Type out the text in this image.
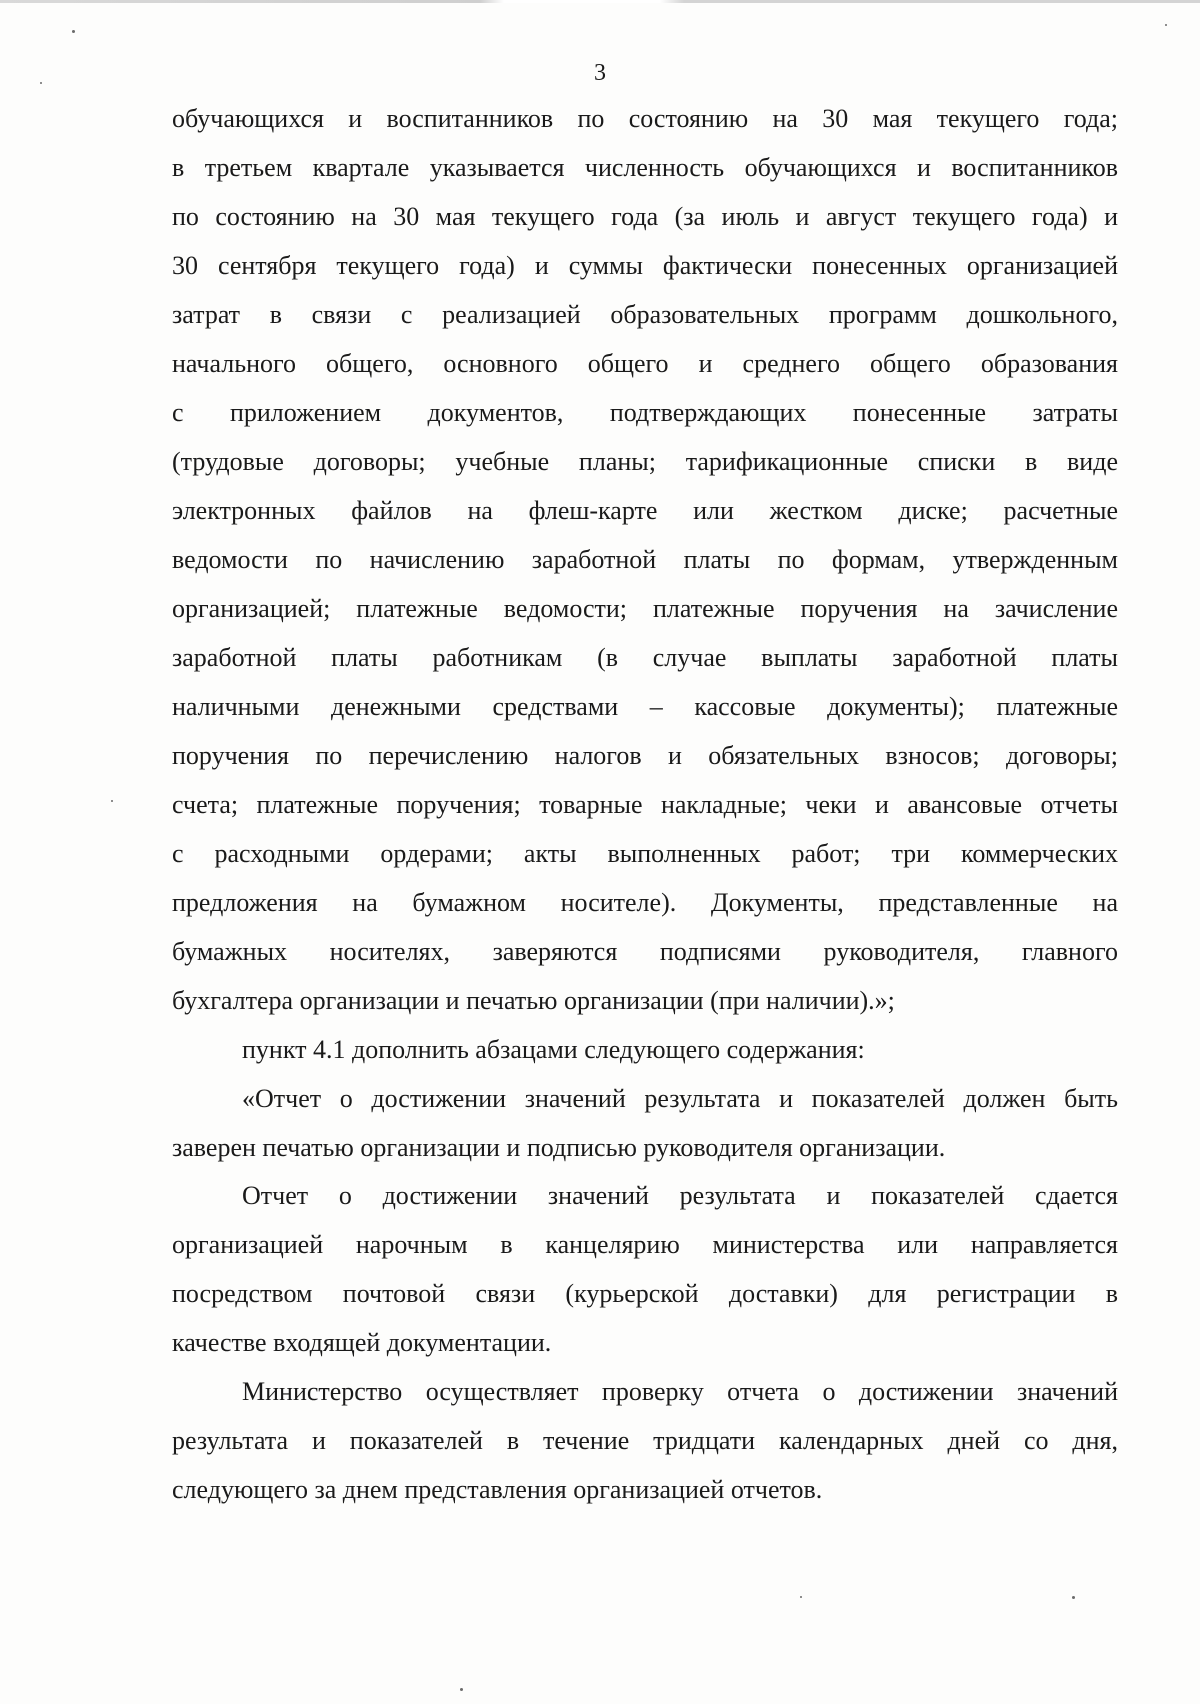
3
обучающихся и воспитанников по состоянию на 30 мая текущего года;
в третьем квартале указывается численность обучающихся и воспитанников
по состоянию на 30 мая текущего года (за июль и август текущего года) и
30 сентября текущего года) и суммы фактически понесенных организацией
затрат в связи с реализацией образовательных программ дошкольного,
начального общего, основного общего и среднего общего образования
с приложением документов, подтверждающих понесенные затраты
(трудовые договоры; учебные планы; тарификационные списки в виде
электронных файлов на флеш-карте или жестком диске; расчетные
ведомости по начислению заработной платы по формам, утвержденным
организацией; платежные ведомости; платежные поручения на зачисление
заработной платы работникам (в случае выплаты заработной платы
наличными денежными средствами – кассовые документы); платежные
поручения по перечислению налогов и обязательных взносов; договоры;
счета; платежные поручения; товарные накладные; чеки и авансовые отчеты
с расходными ордерами; акты выполненных работ; три коммерческих
предложения на бумажном носителе). Документы, представленные на
бумажных носителях, заверяются подписями руководителя, главного
бухгалтера организации и печатью организации (при наличии).»;
пункт 4.1 дополнить абзацами следующего содержания:
«Отчет о достижении значений результата и показателей должен быть
заверен печатью организации и подписью руководителя организации.
Отчет о достижении значений результата и показателей сдается
организацией нарочным в канцелярию министерства или направляется
посредством почтовой связи (курьерской доставки) для регистрации в
качестве входящей документации.
Министерство осуществляет проверку отчета о достижении значений
результата и показателей в течение тридцати календарных дней со дня,
следующего за днем представления организацией отчетов.
